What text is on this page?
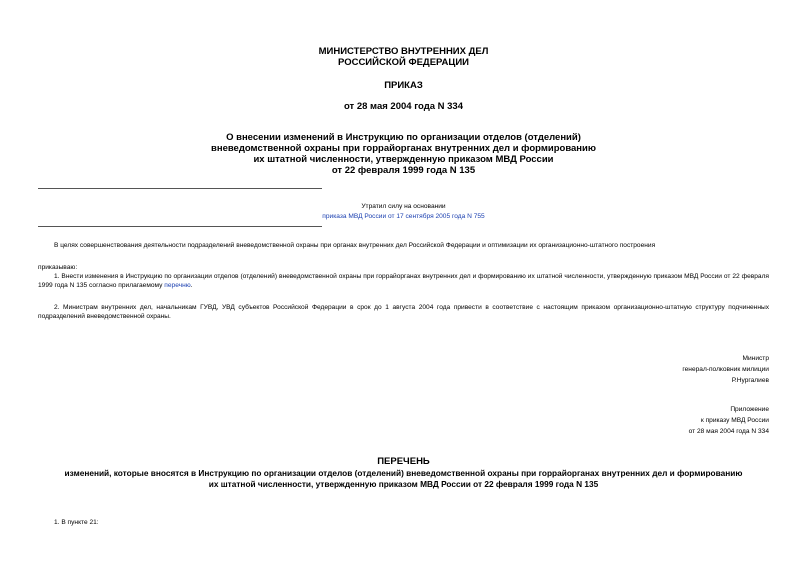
МИНИСТЕРСТВО ВНУТРЕННИХ ДЕЛ
РОССИЙСКОЙ ФЕДЕРАЦИИ
ПРИКАЗ
от 28 мая 2004 года N 334
О внесении изменений в Инструкцию по организации отделов (отделений)
вневедомственной охраны при горрайорганах внутренних дел и формированию
их штатной численности, утвержденную приказом МВД России
от 22 февраля 1999 года N 135
Утратил силу на основании
приказа МВД России от 17 сентября 2005 года N 755
В целях совершенствования деятельности подразделений вневедомственной охраны при органах внутренних дел Российской Федерации и оптимизации их организационно-штатного построения
приказываю:
1. Внести изменения в Инструкцию по организации отделов (отделений) вневедомственной охраны при горрайорганах внутренних дел и формированию их штатной численности, утвержденную приказом МВД России от 22 февраля 1999 года N 135 согласно прилагаемому перечню.
2. Министрам внутренних дел, начальникам ГУВД, УВД субъектов Российской Федерации в срок до 1 августа 2004 года привести в соответствие с настоящим приказом организационно-штатную структуру подчиненных подразделений вневедомственной охраны.
Министр
генерал-полковник милиции
Р.Нургалиев
Приложение
к приказу МВД России
от 28 мая 2004 года N 334
ПЕРЕЧЕНЬ
изменений, которые вносятся в Инструкцию по организации отделов (отделений) вневедомственной охраны при горрайорганах внутренних дел и формированию
их штатной численности, утвержденную приказом МВД России от 22 февраля 1999 года N 135
1. В пункте 21:
